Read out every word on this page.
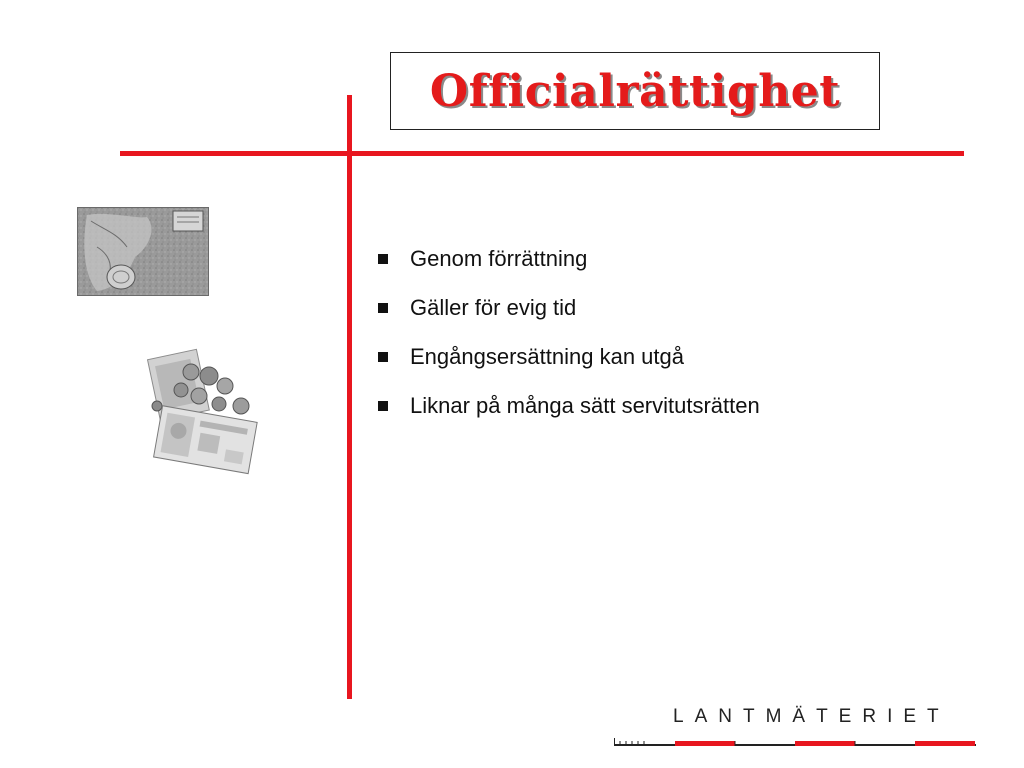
Officialrättighet
Genom förrättning
Gäller för evig tid
Engångsersättning kan utgå
Liknar på många sätt servitutsrätten
LANTMÄTERIET
